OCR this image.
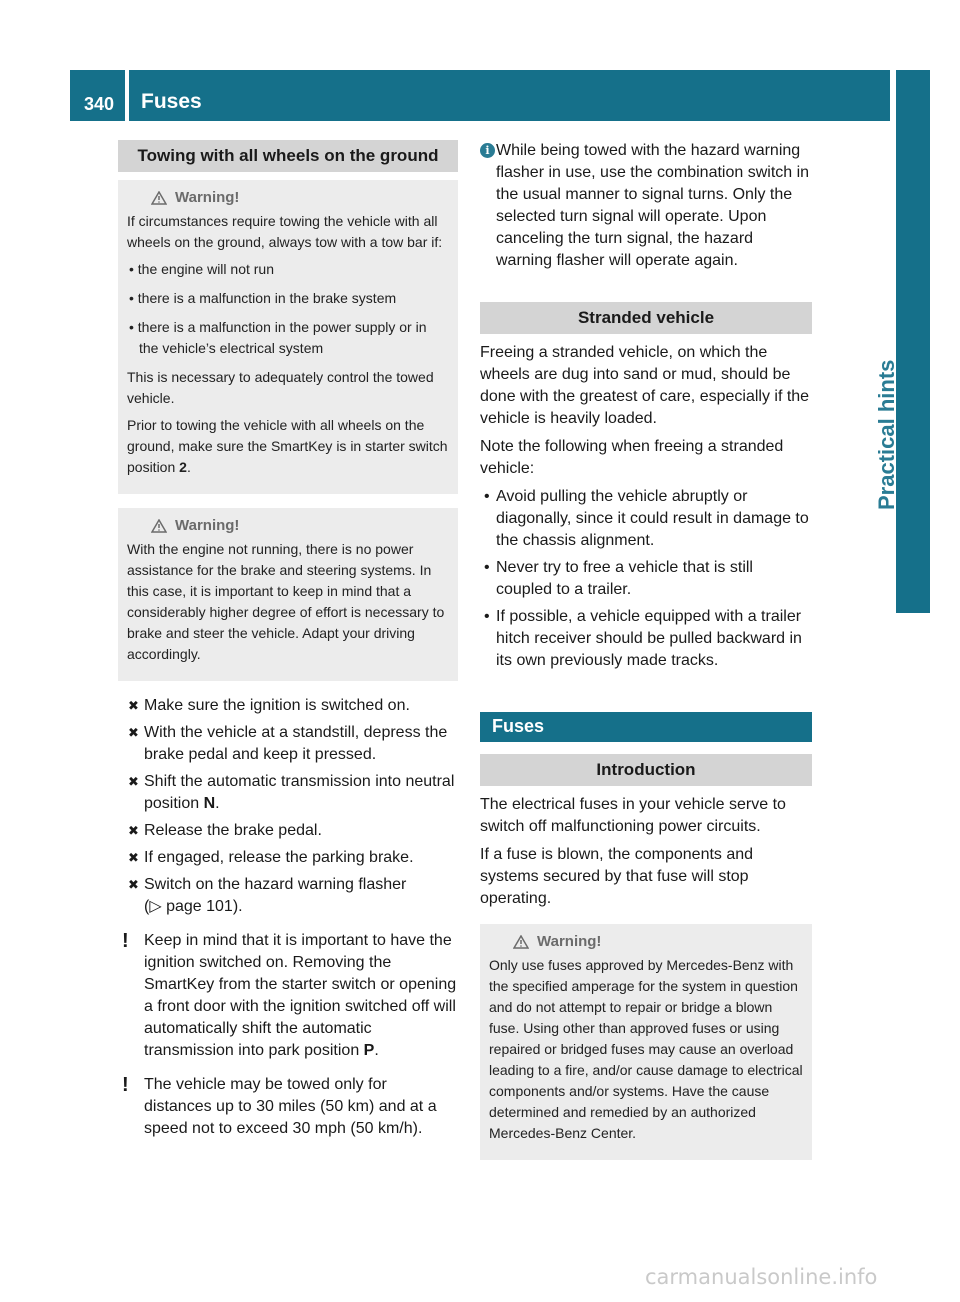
340 Fuses
Practical hints
Towing with all wheels on the ground
Warning!

If circumstances require towing the vehicle with all wheels on the ground, always tow with a tow bar if:

• the engine will not run
• there is a malfunction in the brake system
• there is a malfunction in the power supply or in the vehicle’s electrical system

This is necessary to adequately control the towed vehicle.

Prior to towing the vehicle with all wheels on the ground, make sure the SmartKey is in starter switch position 2.

Warning!

With the engine not running, there is no power assistance for the brake and steering systems. In this case, it is important to keep in mind that a considerably higher degree of effort is necessary to brake and steer the vehicle. Adapt your driving accordingly.

✖ Make sure the ignition is switched on.
✖ With the vehicle at a standstill, depress the brake pedal and keep it pressed.
✖ Shift the automatic transmission into neutral position N.
✖ Release the brake pedal.
✖ If engaged, release the parking brake.
✖ Switch on the hazard warning flasher
(▷ page 101).
! Keep in mind that it is important to have the ignition switched on. Removing the SmartKey from the starter switch or opening a front door with the ignition switched off will automatically shift the automatic transmission into park position P.
! The vehicle may be towed only for distances up to 30 miles (50 km) and at a speed not to exceed 30 mph (50 km/h).
i While being towed with the hazard warning flasher in use, use the combination switch in the usual manner to signal turns. Only the selected turn signal will operate. Upon canceling the turn signal, the hazard warning flasher will operate again.
Stranded vehicle
Freeing a stranded vehicle, on which the wheels are dug into sand or mud, should be done with the greatest of care, especially if the vehicle is heavily loaded.
Note the following when freeing a stranded vehicle:
• Avoid pulling the vehicle abruptly or diagonally, since it could result in damage to the chassis alignment.
• Never try to free a vehicle that is still coupled to a trailer.
• If possible, a vehicle equipped with a trailer hitch receiver should be pulled backward in its own previously made tracks.
Fuses
Introduction
The electrical fuses in your vehicle serve to switch off malfunctioning power circuits.
If a fuse is blown, the components and systems secured by that fuse will stop operating.
Warning!

Only use fuses approved by Mercedes-Benz with the specified amperage for the system in question and do not attempt to repair or bridge a blown fuse. Using other than approved fuses or using repaired or bridged fuses may cause an overload leading to a fire, and/or cause damage to electrical components and/or systems. Have the cause determined and remedied by an authorized Mercedes-Benz Center.

carmanualsonline.info
